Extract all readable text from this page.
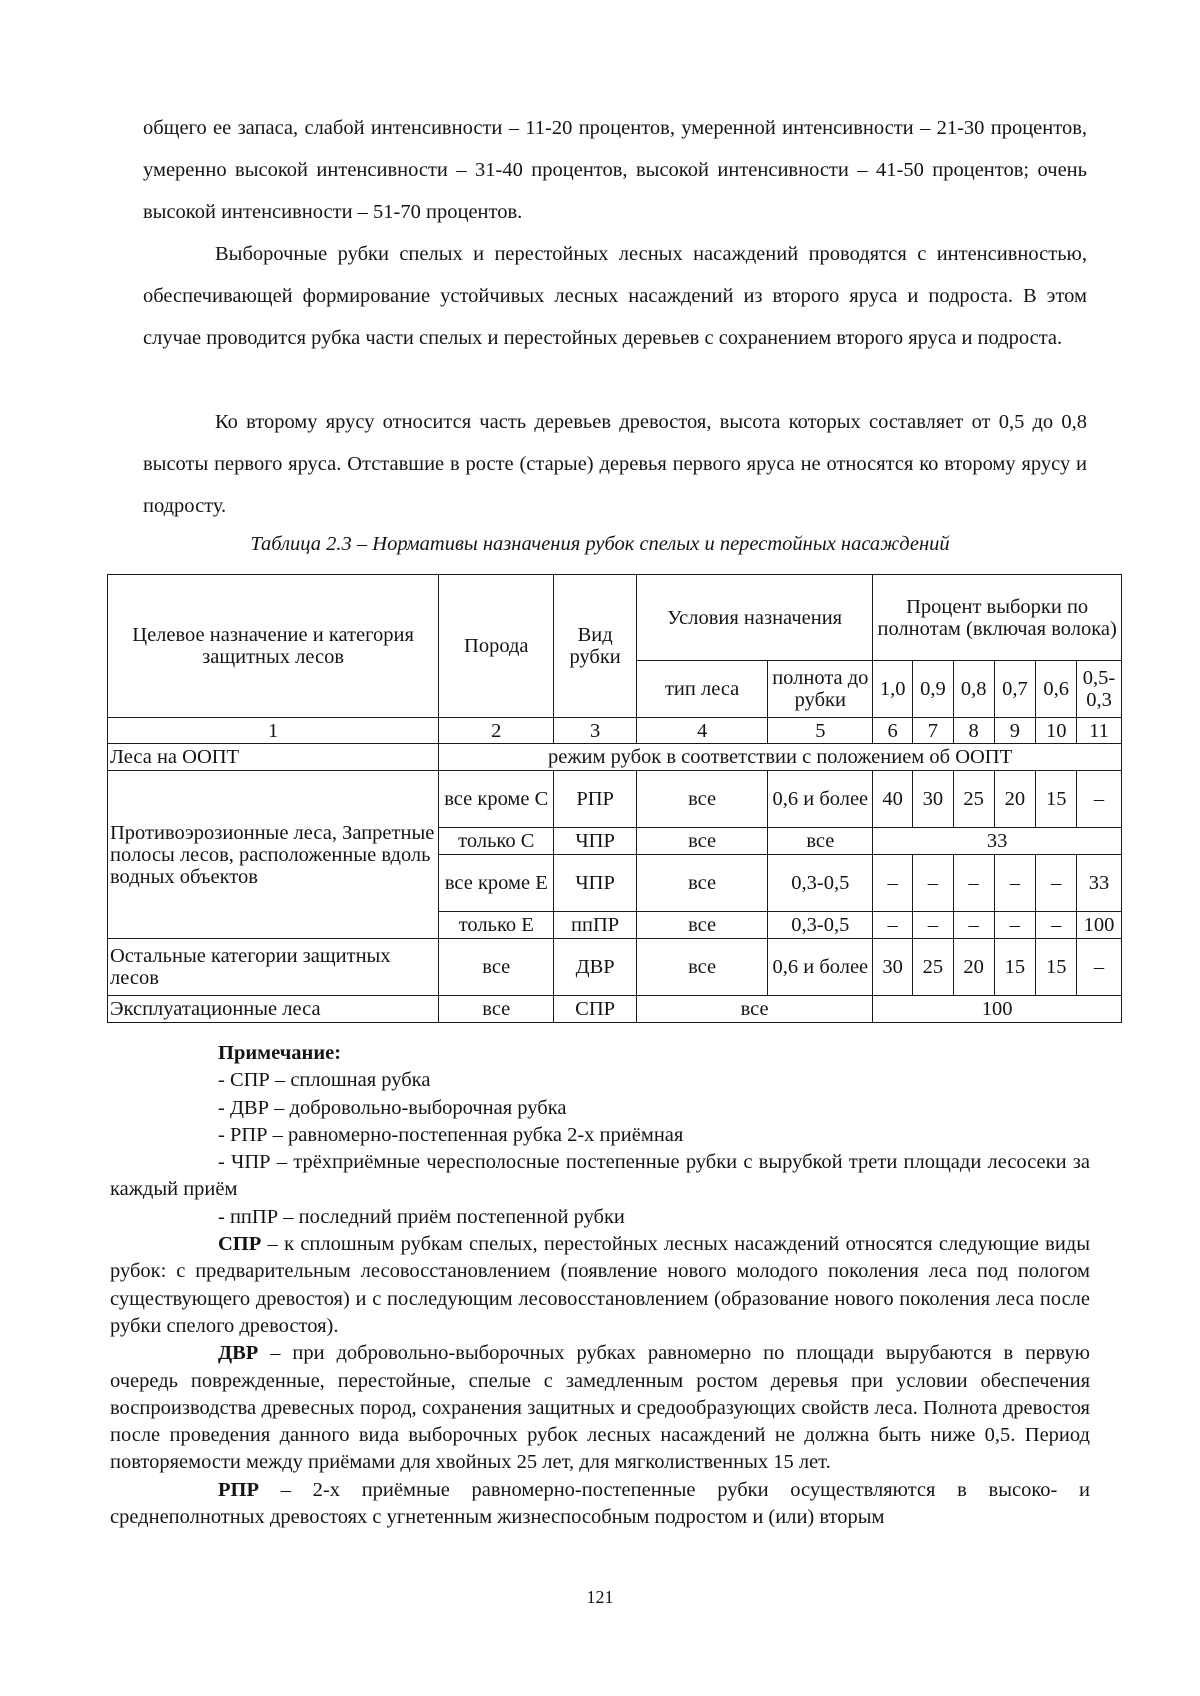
общего ее запаса, слабой интенсивности – 11-20 процентов, умеренной интенсивности – 21-30 процентов, умеренно высокой интенсивности – 31-40 процентов, высокой интенсивности – 41-50 процентов; очень высокой интенсивности – 51-70 процентов.

Выборочные рубки спелых и перестойных лесных насаждений проводятся с интенсивностью, обеспечивающей формирование устойчивых лесных насаждений из второго яруса и подроста. В этом случае проводится рубка части спелых и перестойных деревьев с сохранением второго яруса и подроста.

Ко второму ярусу относится часть деревьев древостоя, высота которых составляет от 0,5 до 0,8 высоты первого яруса. Отставшие в росте (старые) деревья первого яруса не относятся ко второму ярусу и подросту.

Таблица 2.3 – Нормативы назначения рубок спелых и перестойных насаждений

Целевое назначение и категория защитных лесов	Порода	Вид рубки	Условия назначения		Процент выборки по полнотам (включая волока)					
			тип леса	полнота до рубки	1,0	0,9	0,8	0,7	0,6	0,5-0,3
1	2	3	4	5	6	7	8	9	10	11
Леса на ООПТ	режим рубок в соответствии с положением об ООПТ									
Противоэрозионные леса, Запретные полосы лесов, расположенные вдоль водных объектов	все кроме С	РПР	все	0,6 и более	40	30	25	20	15	–
	только С	ЧПР	все	все	33					
	все кроме Е	ЧПР	все	0,3-0,5	–	–	–	–	–	33
	только Е	ппПР	все	0,3-0,5	–	–	–	–	–	100
Остальные категории защитных лесов	все	ДВР	все	0,6 и более	30	25	20	15	15	–
Эксплуатационные леса	все	СПР	все		100					

Примечание:

- СПР – сплошная рубка

- ДВР – добровольно-выборочная рубка

- РПР – равномерно-постепенная рубка 2-х приёмная

- ЧПР – трёхприёмные чересполосные постепенные рубки с вырубкой трети площади лесосеки за каждый приём

- ппПР – последний приём постепенной рубки

СПР – к сплошным рубкам спелых, перестойных лесных насаждений относятся следующие виды рубок: с предварительным лесовосстановлением (появление нового молодого поколения леса под пологом существующего древостоя) и с последующим лесовосстановлением (образование нового поколения леса после рубки спелого древостоя).

ДВР – при добровольно-выборочных рубках равномерно по площади вырубаются в первую очередь поврежденные, перестойные, спелые с замедленным ростом деревья при условии обеспечения воспроизводства древесных пород, сохранения защитных и средообразующих свойств леса. Полнота древостоя после проведения данного вида выборочных рубок лесных насаждений не должна быть ниже 0,5. Период повторяемости между приёмами для хвойных 25 лет, для мягколиственных 15 лет.

РПР – 2-х приёмные равномерно-постепенные рубки осуществляются в высоко- и среднеполнотных древостоях с угнетенным жизнеспособным подростом и (или) вторым

121
